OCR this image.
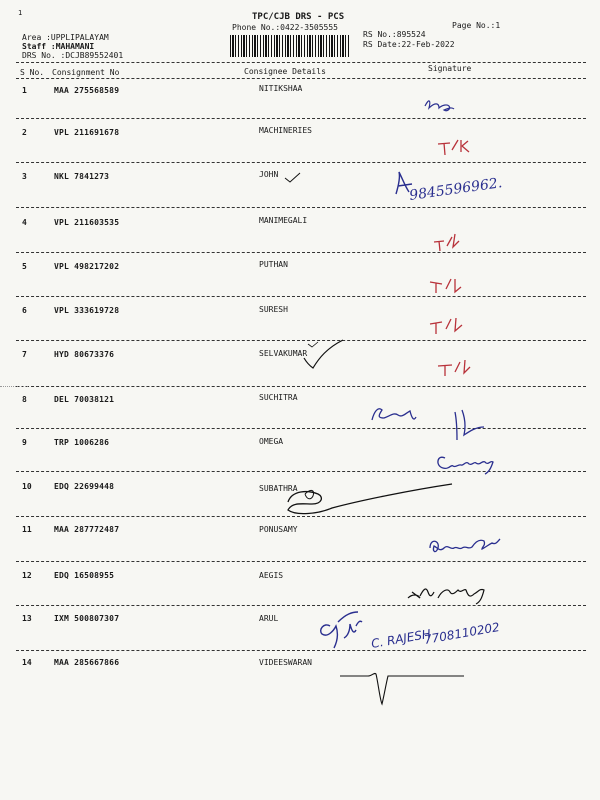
1	TPC/CJB DRS - PCS
Phone No.:0422-3505555	Page No.:1
RS No.:895524
RS Date:22-Feb-2022
Area :UPPLIPALAYAM
Staff :MAHAMANI
DRS No. :DCJB89552401
S No. Consignment No	Consignee Details	Signature
1	MAA 275568589	NITIKSHAA
2	VPL 211691678	MACHINERIES
3	NKL 7841273	JOHN
4	VPL 211603535	MANIMEGALI
5	VPL 498217202	PUTHAN
6	VPL 333619728	SURESH
7	HYD 80673376	SELVAKUMAR
8	DEL 70038121	SUCHITRA
9	TRP 1006286	OMEGA
10	EDQ 22699448	SUBATHRA
11	MAA 287772487	PONUSAMY
12	EDQ 16508955	AEGIS
13	IXM 500807307	ARUL
14	MAA 285667866	VIDEESWARAN
9845596962.
C. RAJESH
7708110202
